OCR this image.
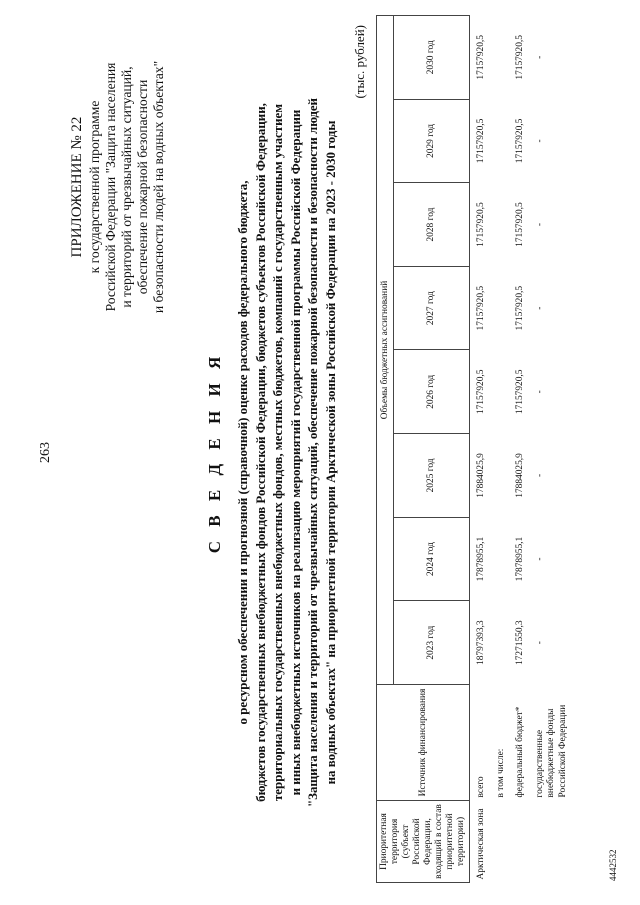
263
ПРИЛОЖЕНИЕ № 22 к государственной программе Российской Федерации "Защита населения и территорий от чрезвычайных ситуаций, обеспечение пожарной безопасности и безопасности людей на водных объектах"
С В Е Д Е Н И Я о ресурсном обеспечении и прогнозной (справочной) оценке расходов федерального бюджета, бюджетов государственных внебюджетных фондов Российской Федерации, бюджетов субъектов Российской Федерации, территориальных государственных внебюджетных фондов, местных бюджетов, компаний с государственным участием и иных внебюджетных источников на реализацию мероприятий государственной программы Российской Федерации "Защита населения и территорий от чрезвычайных ситуаций, обеспечение пожарной безопасности и безопасности людей на водных объектах" на приоритетной территории Арктической зоны Российской Федерации на 2023 - 2030 годы
(тыс. рублей)
Приоритетная территория (субъект Российской Федерации, входящий в состав приоритетной территории)	Источник финансирования	Объемы бюджетных ассигнований							
		2023 год	2024 год	2025 год	2026 год	2027 год	2028 год	2029 год	2030 год
Арктическая зона	всего	18797393,3	17878955,1	17884025,9	17157920,5	17157920,5	17157920,5	17157920,5	17157920,5
	в том числе:								
	федеральный бюджет*	17271550,3	17878955,1	17884025,9	17157920,5	17157920,5	17157920,5	17157920,5	17157920,5
	государственные внебюджетные фонды Российской Федерации	-	-	-	-	-	-	-	-
4442532
